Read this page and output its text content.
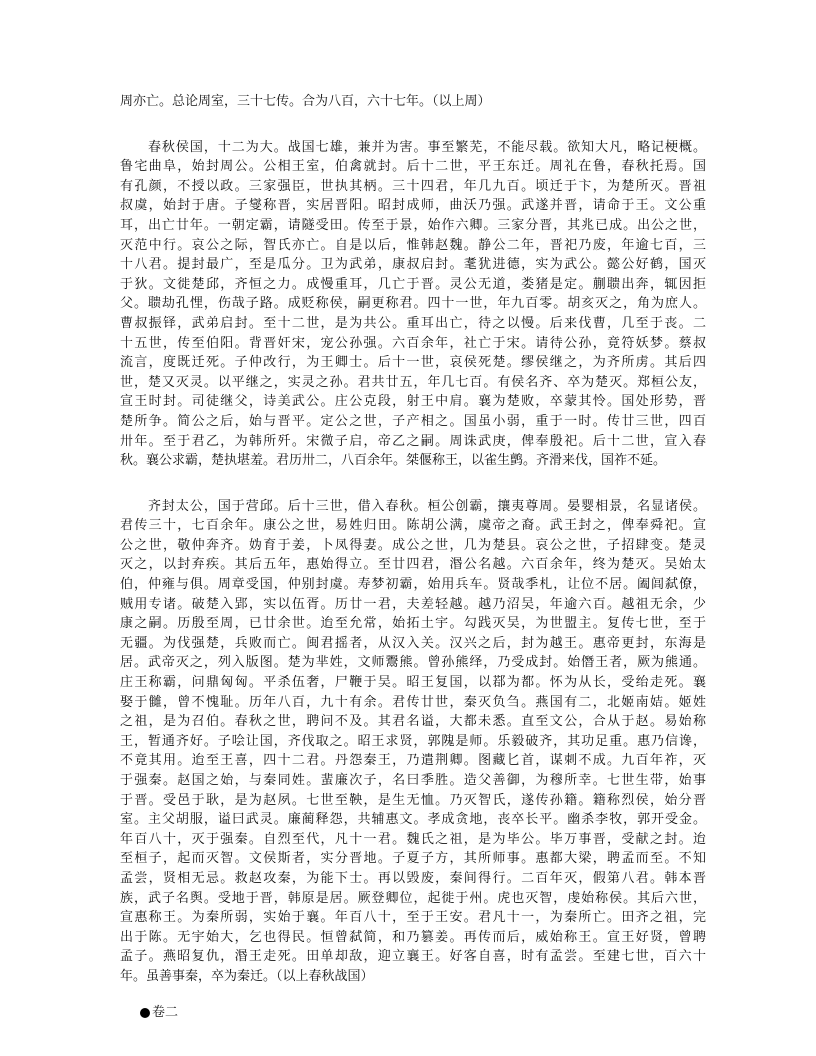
周亦亡。总论周室，三十七传。合为八百，六十七年。（以上周）
　　春秋侯国，十二为大。战国七雄，兼并为害。事至繁芜，不能尽载。欲知大凡，略记梗概。
鲁宅曲阜，始封周公。公相王室，伯禽就封。后十二世，平王东迁。周礼在鲁，春秋托焉。国
有孔颜，不授以政。三家强臣，世执其柄。三十四君，年几九百。顷迁于卞，为楚所灭。晋祖
叔虞，始封于唐。子燮称晋，实居晋阳。昭封成师，曲沃乃强。武遂并晋，请命于王。文公重
耳，出亡廿年。一朝定霸，请隧受田。传至于景，始作六卿。三家分晋，其兆已成。出公之世，
灭范中行。哀公之际，智氏亦亡。自是以后，惟韩赵魏。静公二年，晋祀乃废，年逾七百，三
十八君。提封最广，至是瓜分。卫为武弟，康叔启封。耄犹进德，实为武公。懿公好鹤，国灭
于狄。文徙楚邱，齐恒之力。成慢重耳，几亡于晋。灵公无道，娄猪是定。蒯聩出奔，辄因拒
父。聩劫孔悝，伤哉子路。成贬称侯，嗣更称君。四十一世，年九百零。胡亥灭之，角为庶人。
曹叔振铎，武弟启封。至十二世，是为共公。重耳出亡，待之以慢。后来伐曹，几至于丧。二
十五世，传至伯阳。背晋奸宋，宠公孙强。六百余年，社亡于宋。请待公孙，竟符妖梦。蔡叔
流言，度既迁死。子仲改行，为王卿士。后十一世，哀侯死楚。缪侯继之，为齐所虏。其后四
世，楚又灭灵。以平继之，实灵之孙。君共廿五，年几七百。有侯名齐、卒为楚灭。郑桓公友，
宣王时封。司徒继父，诗美武公。庄公克段，射王中肩。襄为楚败，卒蒙其怜。国处形势，晋
楚所争。简公之后，始与晋平。定公之世，子产相之。国虽小弱，重于一时。传廿三世，四百
卅年。至于君乙，为韩所歼。宋微子启，帝乙之嗣。周诛武庚，俾奉殷祀。后十二世，宣入春
秋。襄公求霸，楚执堪羞。君历卅二，八百余年。桀偃称王，以雀生鹯。齐滑来伐，国祚不延。
　　齐封太公，国于营邱。后十三世，借入春秋。桓公创霸，攘夷尊周。晏婴相景，名显诸侯。
君传三十，七百余年。康公之世，易姓归田。陈胡公满，虞帝之裔。武王封之，俾奉舜祀。宣
公之世，敬仲奔齐。妫育于姜，卜凤得妻。成公之世，几为楚县。哀公之世，子招肆变。楚灵
灭之，以封弃疾。其后五年，惠始得立。至廿四君，湣公名越。六百余年，终为楚灭。吴始太
伯，仲雍与俱。周章受国，仲别封虞。寿梦初霸，始用兵车。贤哉季札，让位不居。阖闾弑僚，
贼用专诸。破楚入郢，实以伍胥。历廿一君，夫差轻越。越乃沼吴，年逾六百。越祖无余，少
康之嗣。历殷至周，已廿余世。迨至允常，始拓土宇。勾践灭吴，为世盟主。复传七世，至于
无疆。为伐强楚，兵败而亡。闽君摇者，从汉入关。汉兴之后，封为越王。惠帝更封，东海是
居。武帝灭之，列入版图。楚为芈姓，文师鬻熊。曾孙熊绎，乃受成封。始僭王者，厥为熊通。
庄王称霸，问鼎匈匈。平杀伍奢，尸鞭于吴。昭王复国，以鄀为都。怀为从长，受绐走死。襄
娶于雠，曾不愧耻。历年八百，九十有余。君传廿世，秦灭负刍。燕国有二，北姬南姞。姬姓
之祖，是为召伯。春秋之世，聘问不及。其君名谥，大都未悉。直至文公，合从于赵。易始称
王，暂通齐好。子哙让国，齐伐取之。昭王求贤，郭隗是师。乐毅破齐，其功足重。惠乃信谗，
不竟其用。迨至王喜，四十二君。丹怨秦王，乃遣荆卿。图藏匕首，谋刺不成。九百年祚，灭
于强秦。赵国之始，与秦同姓。蜚廉次子，名曰季胜。造父善御，为穆所幸。七世生带，始事
于晋。受邑于耿，是为赵夙。七世至鞅，是生无恤。乃灭智氏，遂传孙籍。籍称烈侯，始分晋
室。主父胡服，谥曰武灵。廉蔺释怨，共辅惠文。孝成贪地，丧卒长平。幽杀李牧，郭开受金。
年百八十，灭于强秦。自烈至代，凡十一君。魏氏之祖，是为毕公。毕万事晋，受献之封。迨
至桓子，起而灭智。文侯斯者，实分晋地。子夏子方，其所师事。惠都大梁，聘孟而至。不知
孟尝，贤相无忌。救赵攻秦，为能下士。再以毁废，秦间得行。二百年灭，假第八君。韩本晋
族，武子名舆。受地于晋，韩原是居。厥登卿位，起徙于州。虎也灭智，虔始称侯。其后六世，
宣惠称王。为秦所弱，实始于襄。年百八十，至于王安。君凡十一，为秦所亡。田齐之祖，完
出于陈。无宇始大，乞也得民。恒曾弑简，和乃篡姜。再传而后，威始称王。宣王好贤，曾聘
孟子。燕昭复仇，湣王走死。田单却敌，迎立襄王。好客自喜，时有孟尝。至建七世，百六十
年。虽善事秦，卒为秦迁。（以上春秋战国）
卷二
